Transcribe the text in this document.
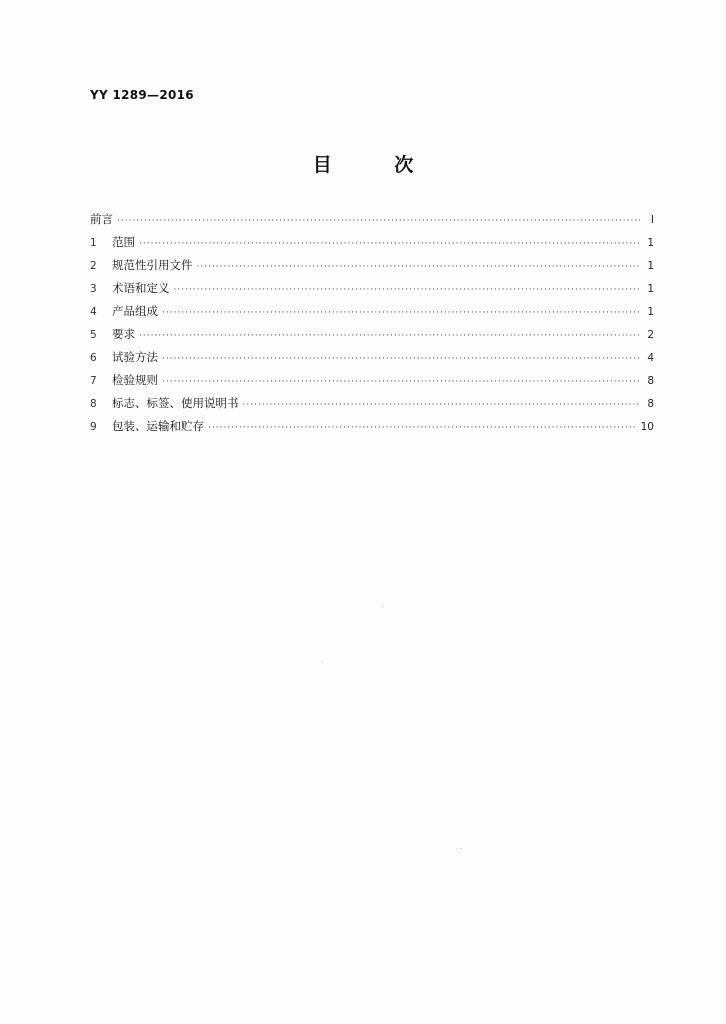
YY 1289—2016
目 次
前言 ·····	I
1	范围 ·····	1
2	规范性引用文件 ·····	1
3	术语和定义 ·····	1
4	产品组成 ·····	1
5	要求 ·····	2
6	试验方法 ·····	4
7	检验规则 ·····	8
8	标志、标签、使用说明书 ·····	8
9	包装、运输和贮存 ·····	10
